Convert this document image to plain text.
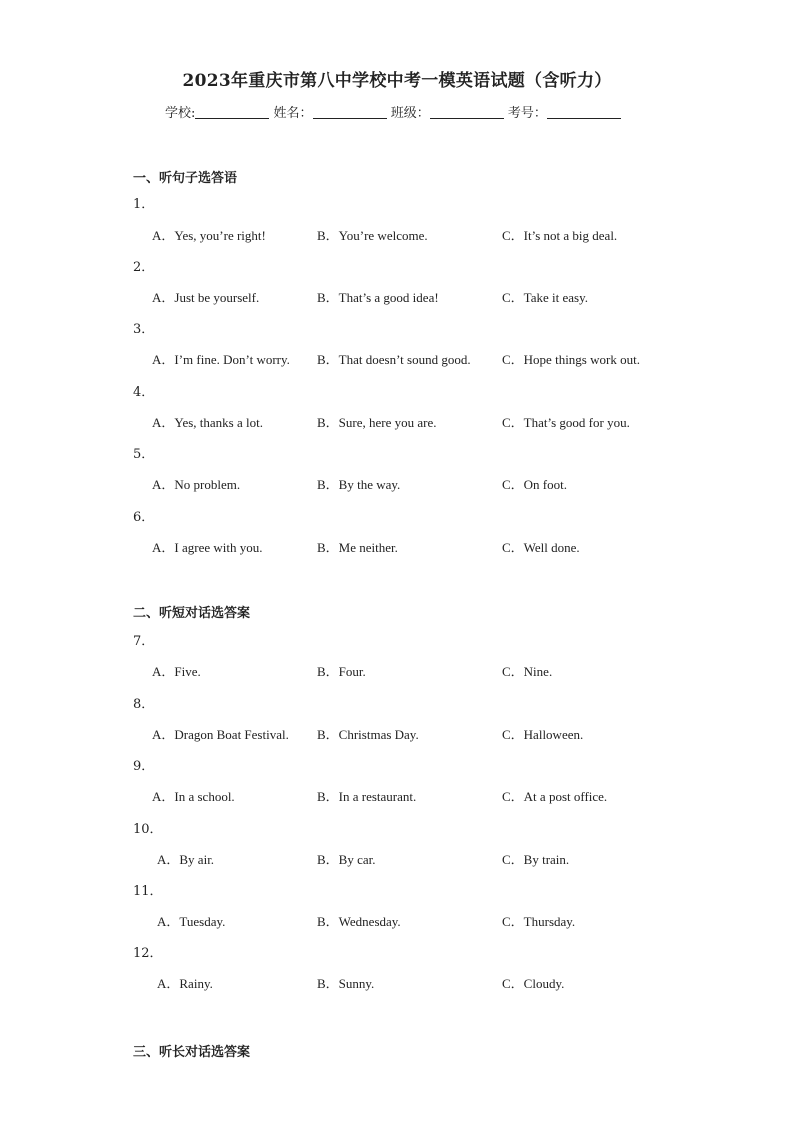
2023年重庆市第八中学校中考一模英语试题（含听力）
学校:	姓名：	班级：	考号：
一、听句子选答语
1．
A．Yes, you’re right!	B．You’re welcome.	C．It’s not a big deal.
2．
A．Just be yourself.	B．That’s a good idea!	C．Take it easy.
3．
A．I’m fine. Don’t worry. B．That doesn’t sound good. C．Hope things work out.
4．
A．Yes, thanks a lot.	B．Sure, here you are.	C．That’s good for you.
5．
A．No problem.	B．By the way.	C．On foot.
6．
A．I agree with you.	B．Me neither.	C．Well done.
二、听短对话选答案
7．
A．Five.	B．Four.	C．Nine.
8．
A．Dragon Boat Festival. B．Christmas Day.	C．Halloween.
9．
A．In a school.	B．In a restaurant.	C．At a post office.
10．
A．By air.	B．By car.	C．By train.
11．
A．Tuesday.	B．Wednesday.	C．Thursday.
12．
A．Rainy.	B．Sunny.	C．Cloudy.
三、听长对话选答案
